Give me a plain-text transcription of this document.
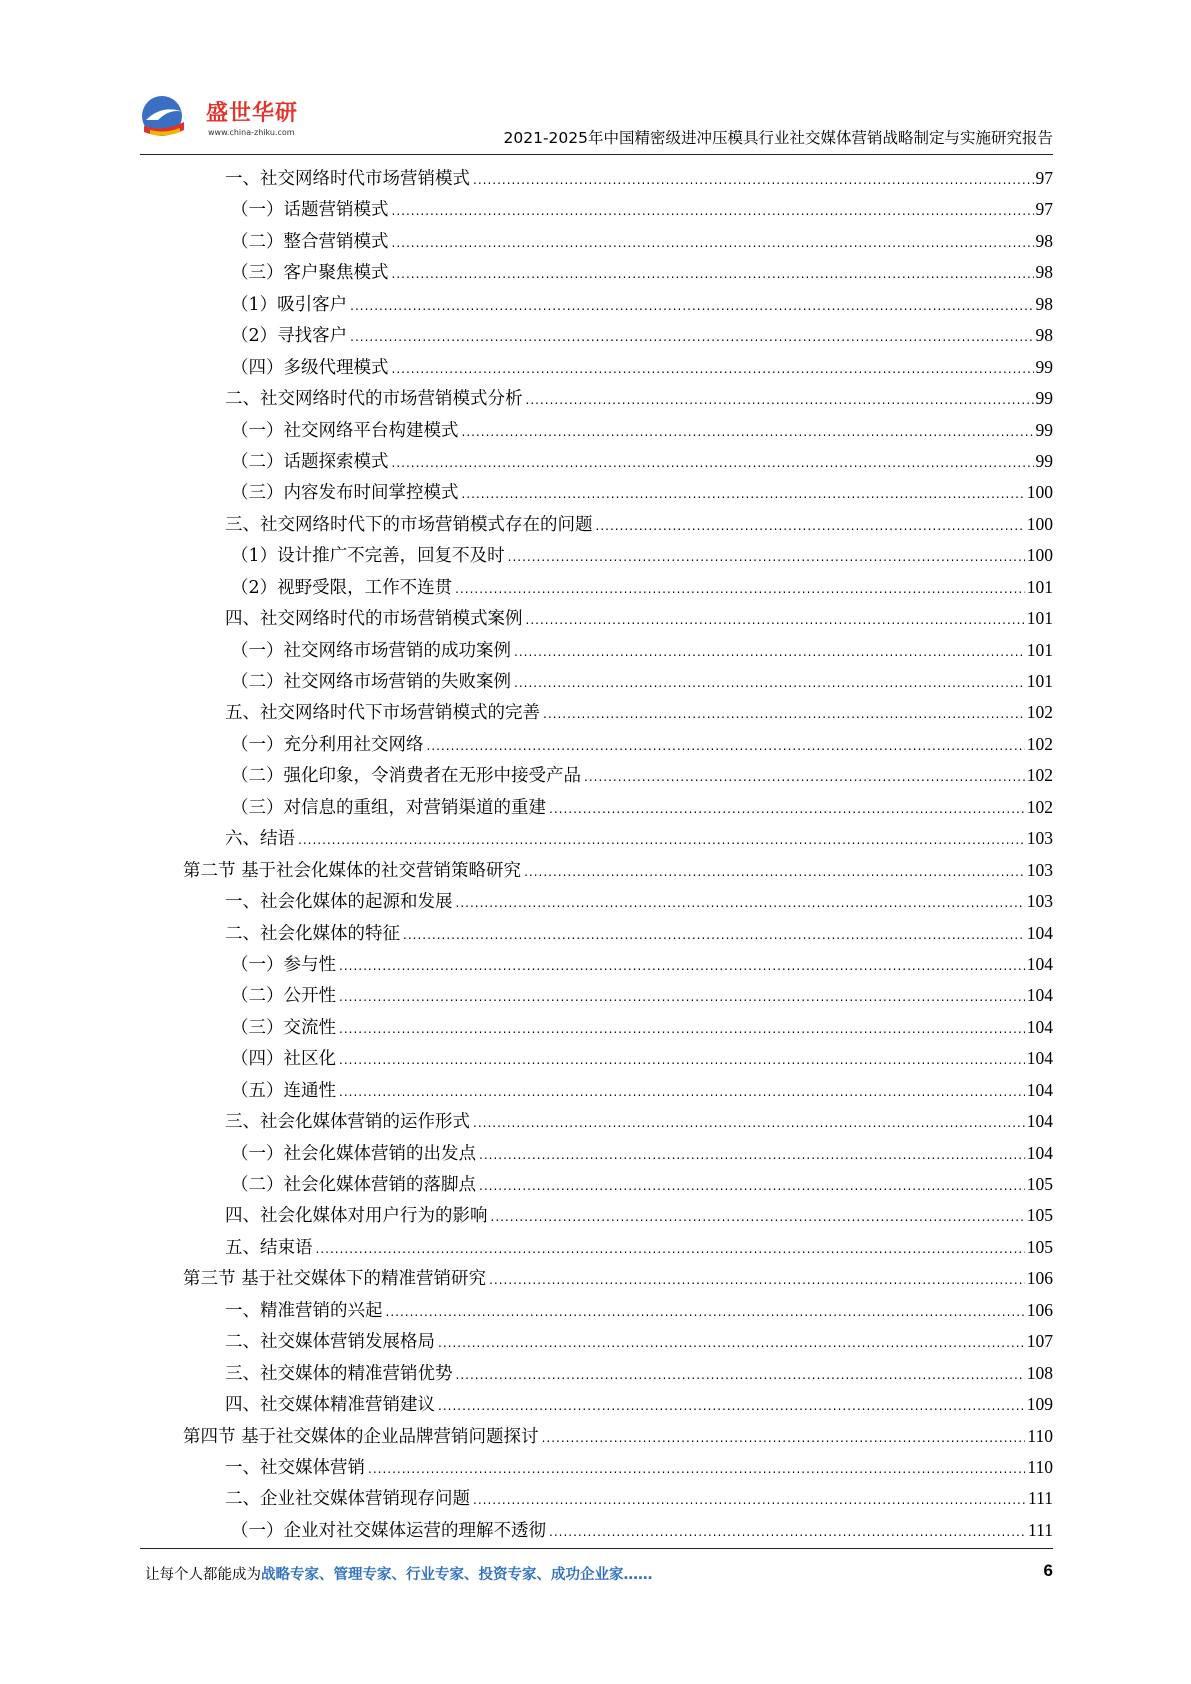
盛世华研
www.china-zhiku.com	2021-2025年中国精密级进冲压模具行业社交媒体营销战略制定与实施研究报告
一、社交网络时代市场营销模式 .....	97
（一）话题营销模式 .....	97
（二）整合营销模式 .....	98
（三）客户聚焦模式 .....	98
（1）吸引客户 .....	98
（2）寻找客户 .....	98
（四）多级代理模式 .....	99
二、社交网络时代的市场营销模式分析 .....	99
（一）社交网络平台构建模式 .....	99
（二）话题探索模式 .....	99
（三）内容发布时间掌控模式 .....	100
三、社交网络时代下的市场营销模式存在的问题 .....	100
（1）设计推广不完善，回复不及时 .....	100
（2）视野受限，工作不连贯 .....	101
四、社交网络时代的市场营销模式案例 .....	101
（一）社交网络市场营销的成功案例 .....	101
（二）社交网络市场营销的失败案例 .....	101
五、社交网络时代下市场营销模式的完善 .....	102
（一）充分利用社交网络 .....	102
（二）强化印象，令消费者在无形中接受产品 .....	102
（三）对信息的重组，对营销渠道的重建 .....	102
六、结语 .....	103
第二节 基于社会化媒体的社交营销策略研究 .....	103
一、社会化媒体的起源和发展 .....	103
二、社会化媒体的特征 .....	104
（一）参与性 .....	104
（二）公开性 .....	104
（三）交流性 .....	104
（四）社区化 .....	104
（五）连通性 .....	104
三、社会化媒体营销的运作形式 .....	104
（一）社会化媒体营销的出发点 .....	104
（二）社会化媒体营销的落脚点 .....	105
四、社会化媒体对用户行为的影响 .....	105
五、结束语 .....	105
第三节 基于社交媒体下的精准营销研究 .....	106
一、精准营销的兴起 .....	106
二、社交媒体营销发展格局 .....	107
三、社交媒体的精准营销优势 .....	108
四、社交媒体精准营销建议 .....	109
第四节 基于社交媒体的企业品牌营销问题探讨 .....	110
一、社交媒体营销 .....	110
二、企业社交媒体营销现存问题 .....	111
（一）企业对社交媒体运营的理解不透彻 .....	111
让每个人都能成为战略专家、管理专家、行业专家、投资专家、成功企业家……	6
